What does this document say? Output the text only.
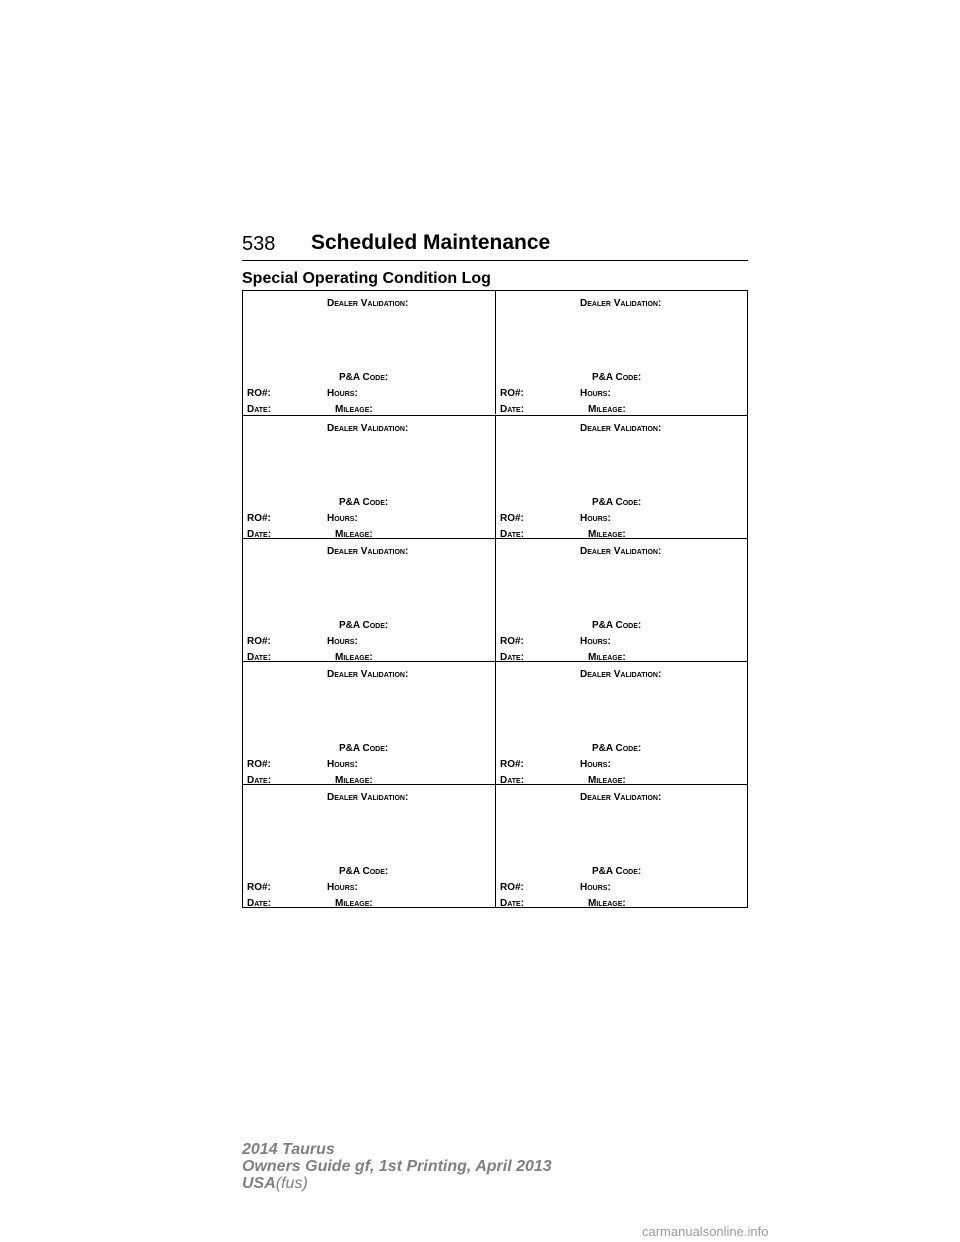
538 Scheduled Maintenance
Special Operating Condition Log
Dealer Validation:
P&A Code:
RO#:	Hours:
Date:	Mileage:
Dealer Validation:
P&A Code:
RO#:	Hours:
Date:	Mileage:
Dealer Validation:
P&A Code:
RO#:	Hours:
Date:	Mileage:
Dealer Validation:
P&A Code:
RO#:	Hours:
Date:	Mileage:
Dealer Validation:
P&A Code:
RO#:	Hours:
Date:	Mileage:
Dealer Validation:
P&A Code:
RO#:	Hours:
Date:	Mileage:
Dealer Validation:
P&A Code:
RO#:	Hours:
Date:	Mileage:
Dealer Validation:
P&A Code:
RO#:	Hours:
Date:	Mileage:
Dealer Validation:
P&A Code:
RO#:	Hours:
Date:	Mileage:
Dealer Validation:
P&A Code:
RO#:	Hours:
Date:	Mileage:
2014 Taurus
Owners Guide gf, 1st Printing, April 2013
USA(fus)
carmanualsonline.info
